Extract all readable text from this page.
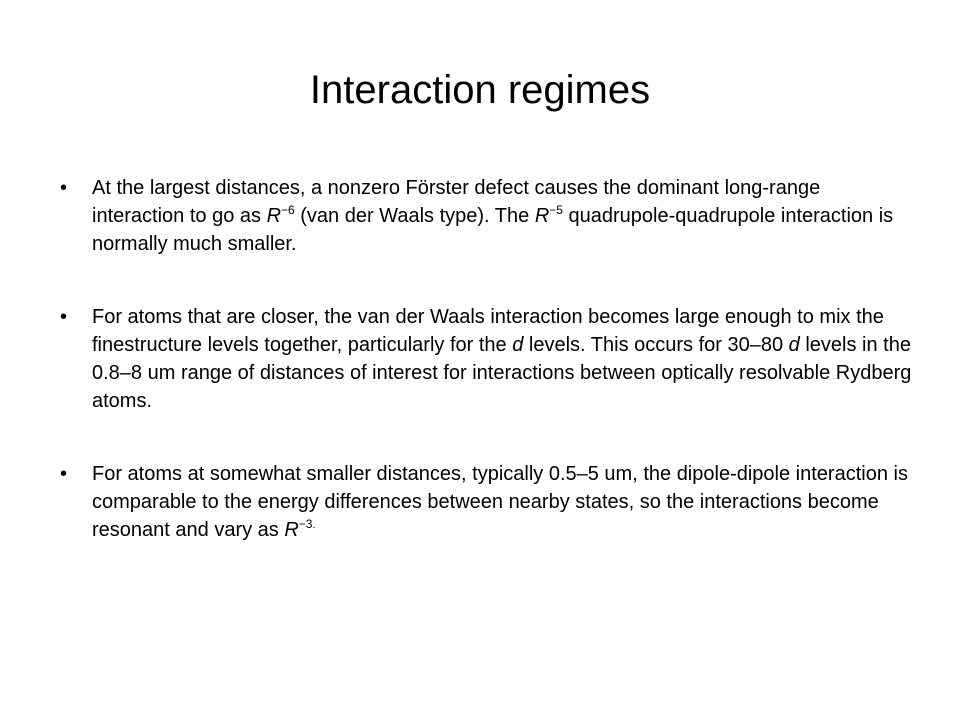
Interaction regimes
•	At the largest distances, a nonzero Förster defect causes the dominant long-range interaction to go as $R^{-6}$ (van der Waals type). The $R^{-5}$ quadrupole-quadrupole interaction is normally much smaller.
•	For atoms that are closer, the van der Waals interaction becomes large enough to mix the finestructure levels together, particularly for the d levels. This occurs for 30–80 d levels in the 0.8–8 um range of distances of interest for interactions between optically resolvable Rydberg atoms.
•	For atoms at somewhat smaller distances, typically 0.5–5 um, the dipole-dipole interaction is comparable to the energy differences between nearby states, so the interactions become resonant and vary as $R^{-3.}$
